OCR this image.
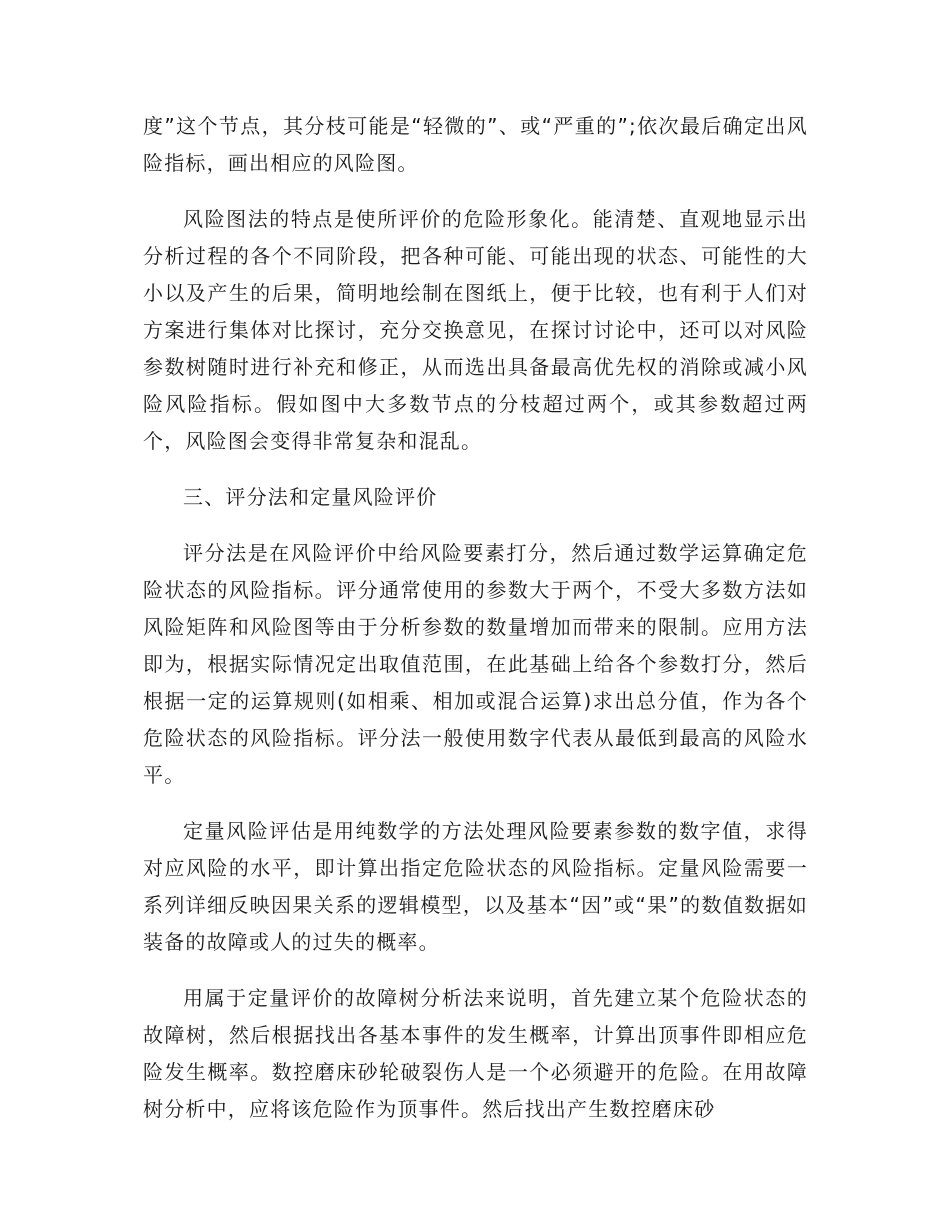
度”这个节点，其分枝可能是“轻微的”、或“严重的”;依次最后确定出风险指标，画出相应的风险图。

风险图法的特点是使所评价的危险形象化。能清楚、直观地显示出分析过程的各个不同阶段，把各种可能、可能出现的状态、可能性的大小以及产生的后果，简明地绘制在图纸上，便于比较，也有利于人们对方案进行集体对比探讨，充分交换意见，在探讨讨论中，还可以对风险参数树随时进行补充和修正，从而选出具备最高优先权的消除或减小风险风险指标。假如图中大多数节点的分枝超过两个，或其参数超过两个，风险图会变得非常复杂和混乱。

三、评分法和定量风险评价

评分法是在风险评价中给风险要素打分，然后通过数学运算确定危险状态的风险指标。评分通常使用的参数大于两个，不受大多数方法如风险矩阵和风险图等由于分析参数的数量增加而带来的限制。应用方法即为，根据实际情况定出取值范围，在此基础上给各个参数打分，然后根据一定的运算规则(如相乘、相加或混合运算)求出总分值，作为各个危险状态的风险指标。评分法一般使用数字代表从最低到最高的风险水平。

定量风险评估是用纯数学的方法处理风险要素参数的数字值，求得对应风险的水平，即计算出指定危险状态的风险指标。定量风险需要一系列详细反映因果关系的逻辑模型，以及基本“因”或“果”的数值数据如装备的故障或人的过失的概率。

用属于定量评价的故障树分析法来说明，首先建立某个危险状态的故障树，然后根据找出各基本事件的发生概率，计算出顶事件即相应危险发生概率。数控磨床砂轮破裂伤人是一个必须避开的危险。在用故障树分析中，应将该危险作为顶事件。然后找出产生数控磨床砂
